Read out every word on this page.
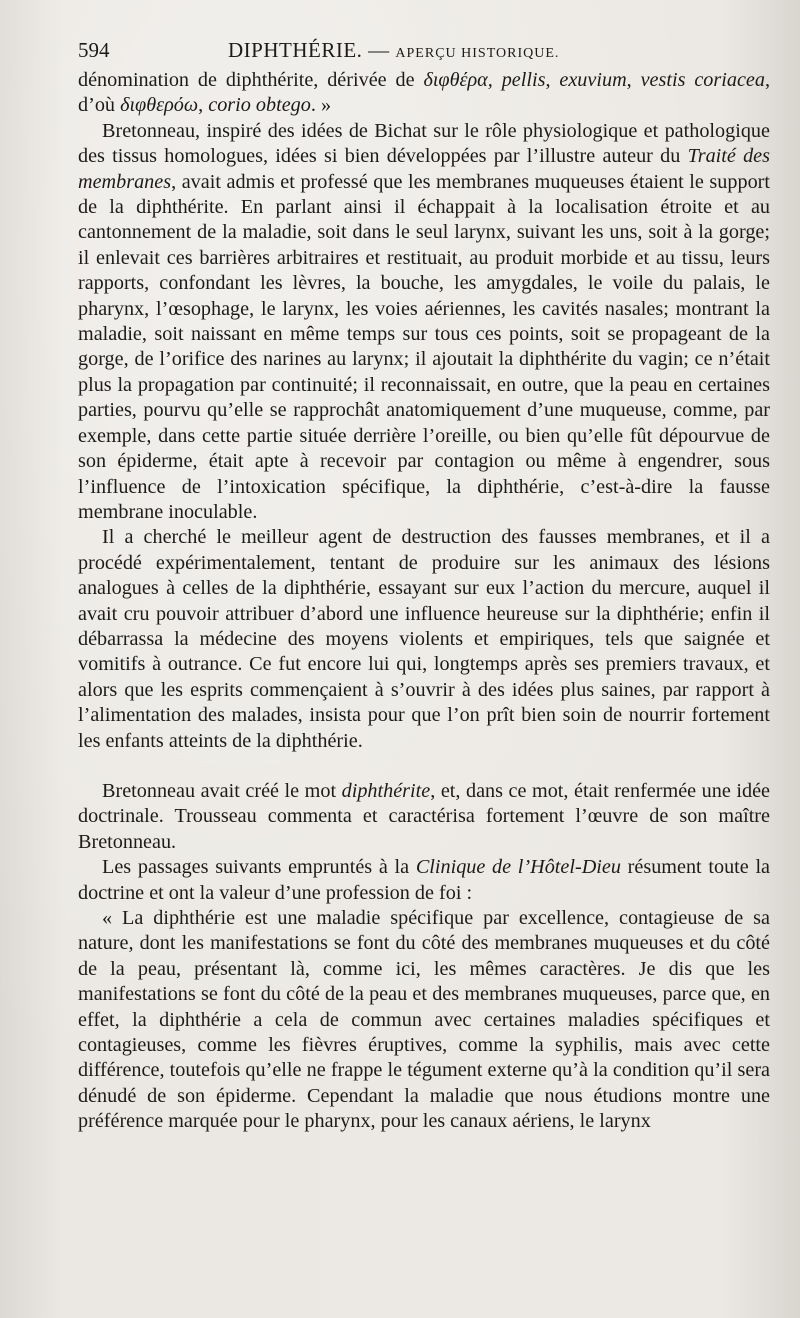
594	DIPHTHÉRIE. — APERÇU HISTORIQUE.

dénomination de diphthérite, dérivée de διφθέρα, pellis, exuvium, vestis coriacea, d’où διφθερόω, corio obtego. »

Bretonneau, inspiré des idées de Bichat sur le rôle physiologique et pathologique des tissus homologues, idées si bien développées par l’illustre auteur du Traité des membranes, avait admis et professé que les membranes muqueuses étaient le support de la diphthérite. En parlant ainsi il échappait à la localisation étroite et au cantonnement de la maladie, soit dans le seul larynx, suivant les uns, soit à la gorge; il enlevait ces barrières arbitraires et restituait, au produit morbide et au tissu, leurs rapports, confondant les lèvres, la bouche, les amygdales, le voile du palais, le pharynx, l’œsophage, le larynx, les voies aériennes, les cavités nasales; montrant la maladie, soit naissant en même temps sur tous ces points, soit se propageant de la gorge, de l’orifice des narines au larynx; il ajoutait la diphthérite du vagin; ce n’était plus la propagation par continuité; il reconnaissait, en outre, que la peau en certaines parties, pourvu qu’elle se rapprochât anatomiquement d’une muqueuse, comme, par exemple, dans cette partie située derrière l’oreille, ou bien qu’elle fût dépourvue de son épiderme, était apte à recevoir par contagion ou même à engendrer, sous l’influence de l’intoxication spécifique, la diphthérie, c’est-à-dire la fausse membrane inoculable.

Il a cherché le meilleur agent de destruction des fausses membranes, et il a procédé expérimentalement, tentant de produire sur les animaux des lésions analogues à celles de la diphthérie, essayant sur eux l’action du mercure, auquel il avait cru pouvoir attribuer d’abord une influence heureuse sur la diphthérie; enfin il débarrassa la médecine des moyens violents et empiriques, tels que saignée et vomitifs à outrance. Ce fut encore lui qui, longtemps après ses premiers travaux, et alors que les esprits commençaient à s’ouvrir à des idées plus saines, par rapport à l’alimentation des malades, insista pour que l’on prît bien soin de nourrir fortement les enfants atteints de la diphthérie.

Bretonneau avait créé le mot diphthérite, et, dans ce mot, était renfermée une idée doctrinale. Trousseau commenta et caractérisa fortement l’œuvre de son maître Bretonneau.

Les passages suivants empruntés à la Clinique de l’Hôtel-Dieu résument toute la doctrine et ont la valeur d’une profession de foi :

« La diphthérie est une maladie spécifique par excellence, contagieuse de sa nature, dont les manifestations se font du côté des membranes muqueuses et du côté de la peau, présentant là, comme ici, les mêmes caractères. Je dis que les manifestations se font du côté de la peau et des membranes muqueuses, parce que, en effet, la diphthérie a cela de commun avec certaines maladies spécifiques et contagieuses, comme les fièvres éruptives, comme la syphilis, mais avec cette différence, toutefois qu’elle ne frappe le tégument externe qu’à la condition qu’il sera dénudé de son épiderme. Cependant la maladie que nous étudions montre une préférence marquée pour le pharynx, pour les canaux aériens, le larynx
